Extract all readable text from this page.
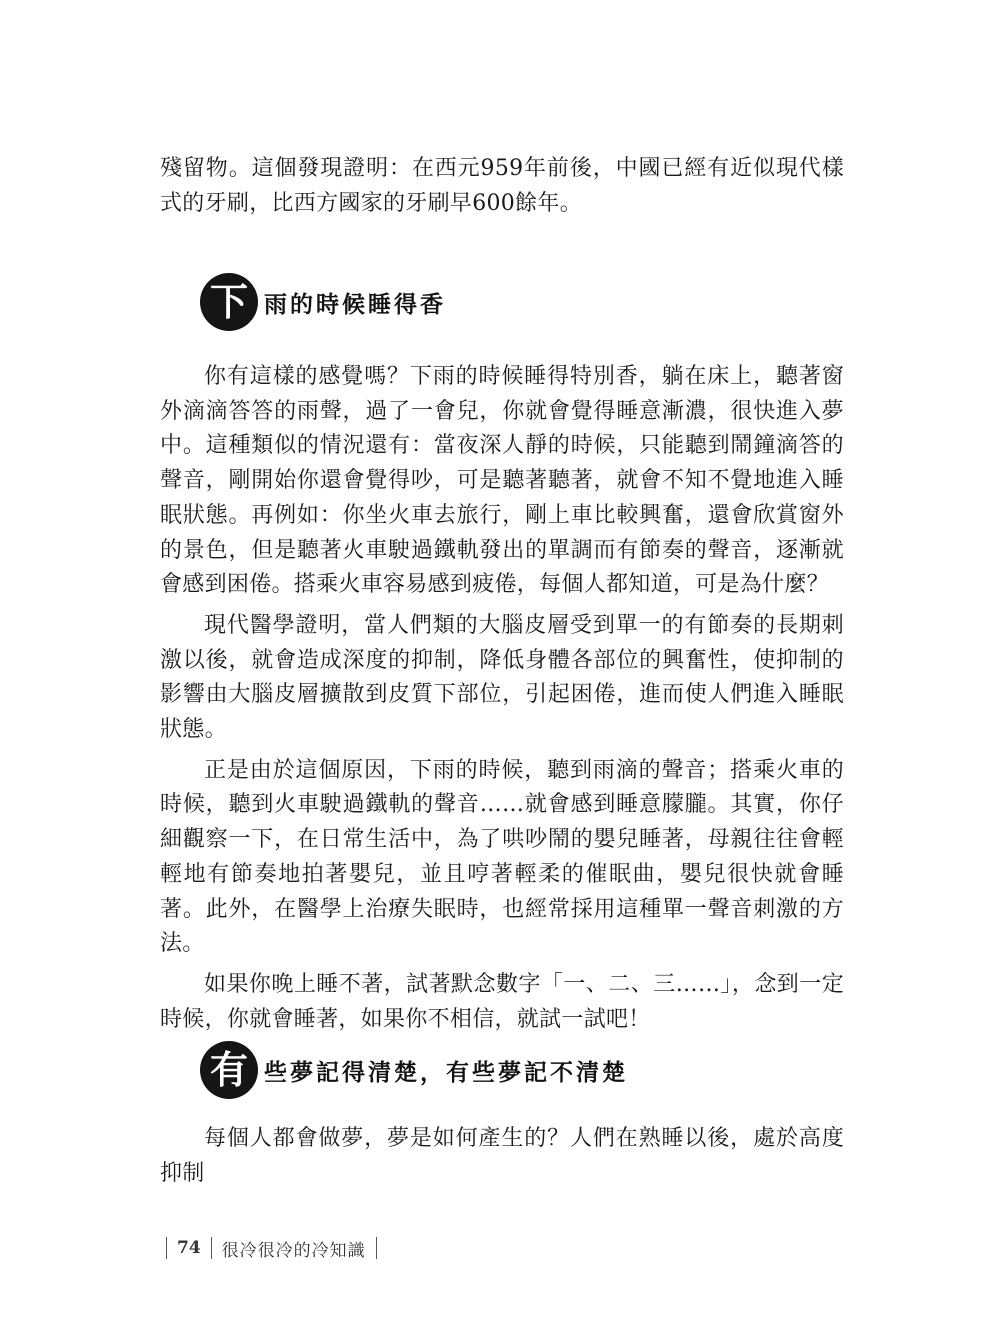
殘留物。這個發現證明：在西元959年前後，中國已經有近似現代樣式的牙刷，比西方國家的牙刷早600餘年。

下 雨的時候睡得香

你有這樣的感覺嗎？下雨的時候睡得特別香，躺在床上，聽著窗外滴滴答答的雨聲，過了一會兒，你就會覺得睡意漸濃，很快進入夢中。這種類似的情況還有：當夜深人靜的時候，只能聽到鬧鐘滴答的聲音，剛開始你還會覺得吵，可是聽著聽著，就會不知不覺地進入睡眠狀態。再例如：你坐火車去旅行，剛上車比較興奮，還會欣賞窗外的景色，但是聽著火車駛過鐵軌發出的單調而有節奏的聲音，逐漸就會感到困倦。搭乘火車容易感到疲倦，每個人都知道，可是為什麼？

現代醫學證明，當人們類的大腦皮層受到單一的有節奏的長期刺激以後，就會造成深度的抑制，降低身體各部位的興奮性，使抑制的影響由大腦皮層擴散到皮質下部位，引起困倦，進而使人們進入睡眠狀態。

正是由於這個原因，下雨的時候，聽到雨滴的聲音；搭乘火車的時候，聽到火車駛過鐵軌的聲音……就會感到睡意朦朧。其實，你仔細觀察一下，在日常生活中，為了哄吵鬧的嬰兒睡著，母親往往會輕輕地有節奏地拍著嬰兒，並且哼著輕柔的催眠曲，嬰兒很快就會睡著。此外，在醫學上治療失眠時，也經常採用這種單一聲音刺激的方法。

如果你晚上睡不著，試著默念數字「一、二、三……」，念到一定時候，你就會睡著，如果你不相信，就試一試吧！

有 些夢記得清楚，有些夢記不清楚

每個人都會做夢，夢是如何產生的？人們在熟睡以後，處於高度抑制

74	很冷很冷的冷知識
